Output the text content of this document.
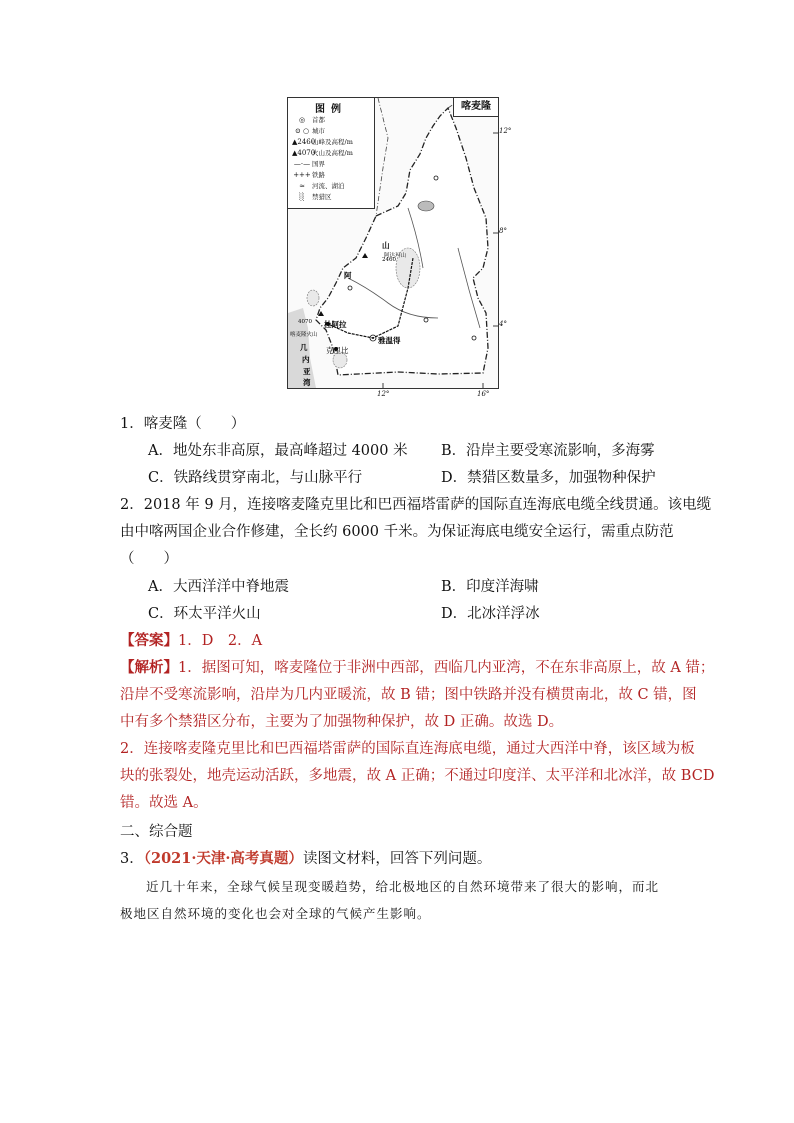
图例
◎	首都
⊙ ○ 城市
▲2460
山峰及高程/m
▲4070
火山及高程/m
—·— 国界
+++ 铁路
≈	河流、湖泊
░	禁猎区
喀麦隆
山
阿达玛山
2460
阿
喀麦隆火山
4070 杜阿拉
雅温得
克里比
几
内
亚
湾
12°
8°
4°
12°	16°
1．喀麦隆（　　）
A．地处东非高原，最高峰超过 4000 米 B．沿岸主要受寒流影响，多海雾
C．铁路线贯穿南北，与山脉平行	D．禁猎区数量多，加强物种保护
2．2018 年 9 月，连接喀麦隆克里比和巴西福塔雷萨的国际直连海底电缆全线贯通。该电缆
由中喀两国企业合作修建，全长约 6000 千米。为保证海底电缆安全运行，需重点防范
（　　）
A．大西洋洋中脊地震	B．印度洋海啸
C．环太平洋火山	D．北冰洋浮冰
【答案】1．D　2．A
【解析】1．据图可知，喀麦隆位于非洲中西部，西临几内亚湾，不在东非高原上，故 A 错；
沿岸不受寒流影响，沿岸为几内亚暖流，故 B 错；图中铁路并没有横贯南北，故 C 错，图
中有多个禁猎区分布，主要为了加强物种保护，故 D 正确。故选 D。
2．连接喀麦隆克里比和巴西福塔雷萨的国际直连海底电缆，通过大西洋中脊，该区域为板
块的张裂处，地壳运动活跃，多地震，故 A 正确；不通过印度洋、太平洋和北冰洋，故 BCD
错。故选 A。
二、综合题
3．（2021·天津·高考真题）读图文材料，回答下列问题。
近几十年来，全球气候呈现变暖趋势，给北极地区的自然环境带来了很大的影响，而北
极地区自然环境的变化也会对全球的气候产生影响。
